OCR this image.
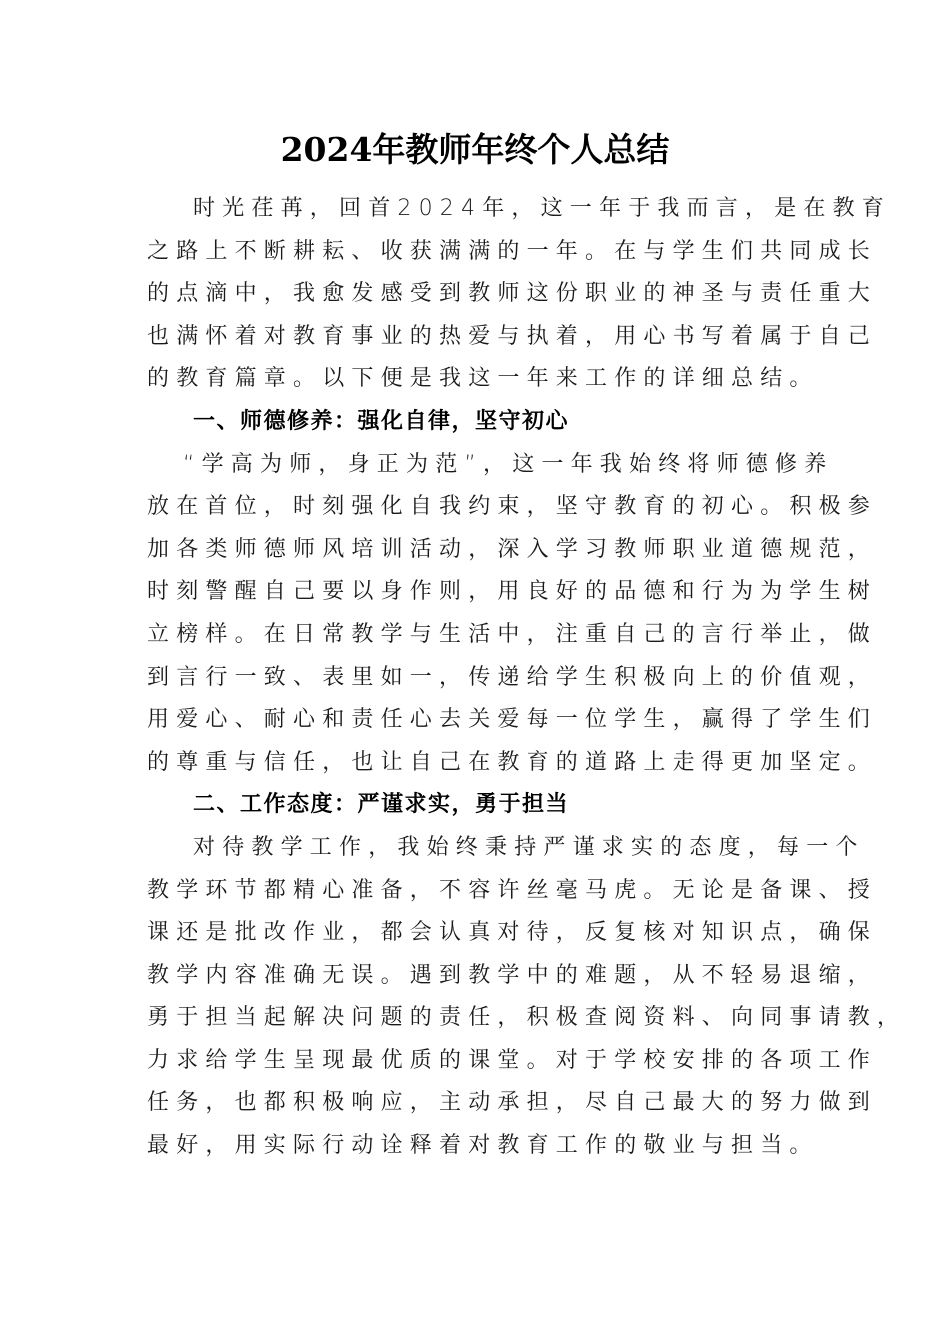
2024年教师年终个人总结
时光荏苒，回首2024年，这一年于我而言，是在教育
之路上不断耕耘、收获满满的一年。在与学生们共同成长
的点滴中，我愈发感受到教师这份职业的神圣与责任重大
也满怀着对教育事业的热爱与执着，用心书写着属于自己
的教育篇章。以下便是我这一年来工作的详细总结。
一、师德修养：强化自律，坚守初心
“学高为师，身正为范”，这一年我始终将师德修养
放在首位，时刻强化自我约束，坚守教育的初心。积极参
加各类师德师风培训活动，深入学习教师职业道德规范，
时刻警醒自己要以身作则，用良好的品德和行为为学生树
立榜样。在日常教学与生活中，注重自己的言行举止，做
到言行一致、表里如一，传递给学生积极向上的价值观，
用爱心、耐心和责任心去关爱每一位学生，赢得了学生们
的尊重与信任，也让自己在教育的道路上走得更加坚定。
二、工作态度：严谨求实，勇于担当
对待教学工作，我始终秉持严谨求实的态度，每一个
教学环节都精心准备，不容许丝毫马虎。无论是备课、授
课还是批改作业，都会认真对待，反复核对知识点，确保
教学内容准确无误。遇到教学中的难题，从不轻易退缩，
勇于担当起解决问题的责任，积极查阅资料、向同事请教，
力求给学生呈现最优质的课堂。对于学校安排的各项工作
任务，也都积极响应，主动承担，尽自己最大的努力做到
最好，用实际行动诠释着对教育工作的敬业与担当。
